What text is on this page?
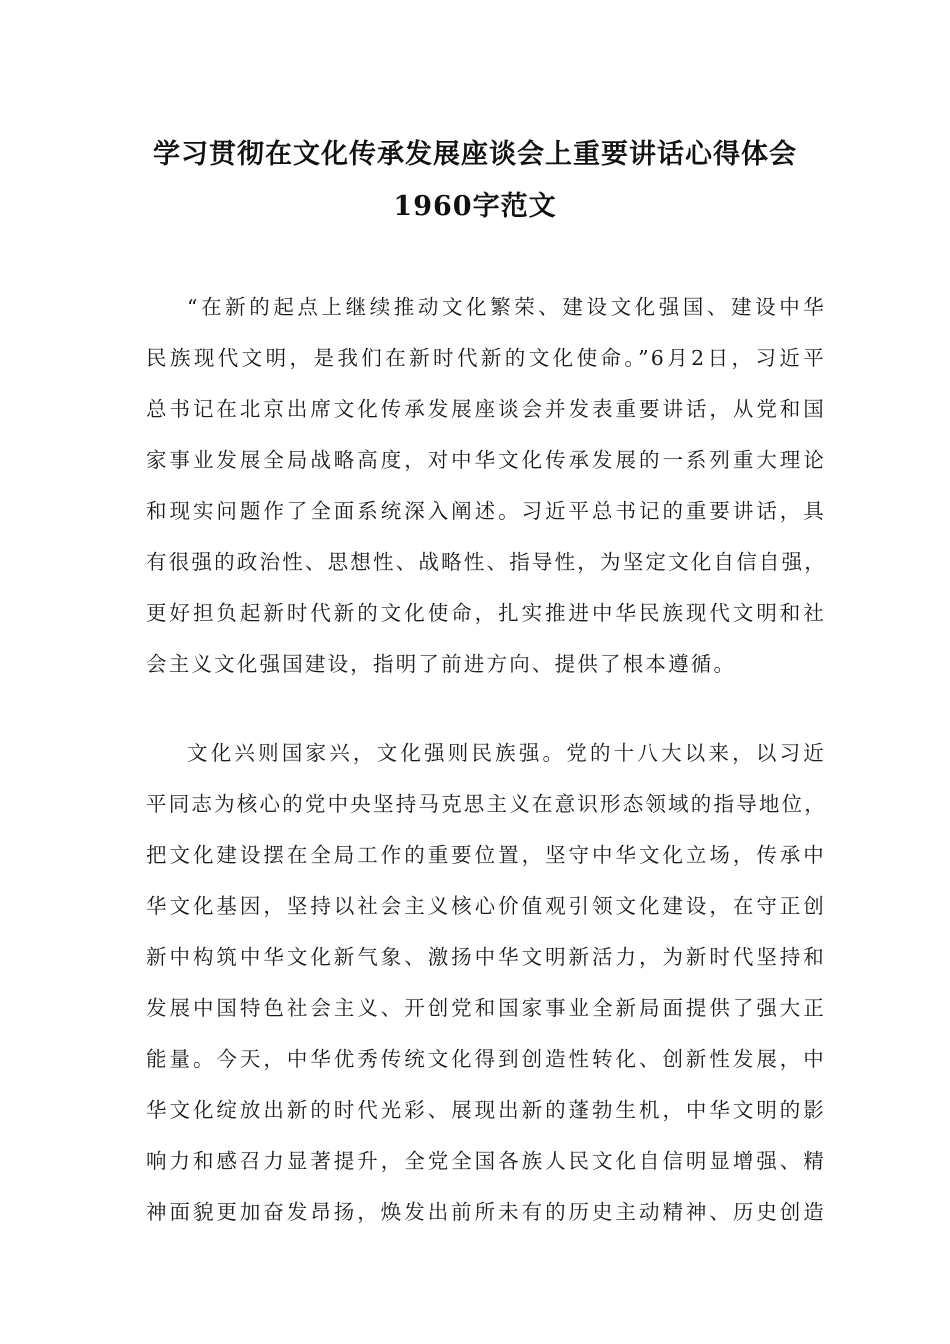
学习贯彻在文化传承发展座谈会上重要讲话心得体会
1960字范文
“在新的起点上继续推动文化繁荣、建设文化强国、建设中华
民族现代文明，是我们在新时代新的文化使命。”6月2日，习近平
总书记在北京出席文化传承发展座谈会并发表重要讲话，从党和国
家事业发展全局战略高度，对中华文化传承发展的一系列重大理论
和现实问题作了全面系统深入阐述。习近平总书记的重要讲话，具
有很强的政治性、思想性、战略性、指导性，为坚定文化自信自强，
更好担负起新时代新的文化使命，扎实推进中华民族现代文明和社
会主义文化强国建设，指明了前进方向、提供了根本遵循。
文化兴则国家兴，文化强则民族强。党的十八大以来，以习近
平同志为核心的党中央坚持马克思主义在意识形态领域的指导地位，
把文化建设摆在全局工作的重要位置，坚守中华文化立场，传承中
华文化基因，坚持以社会主义核心价值观引领文化建设，在守正创
新中构筑中华文化新气象、激扬中华文明新活力，为新时代坚持和
发展中国特色社会主义、开创党和国家事业全新局面提供了强大正
能量。今天，中华优秀传统文化得到创造性转化、创新性发展，中
华文化绽放出新的时代光彩、展现出新的蓬勃生机，中华文明的影
响力和感召力显著提升，全党全国各族人民文化自信明显增强、精
神面貌更加奋发昂扬，焕发出前所未有的历史主动精神、历史创造
